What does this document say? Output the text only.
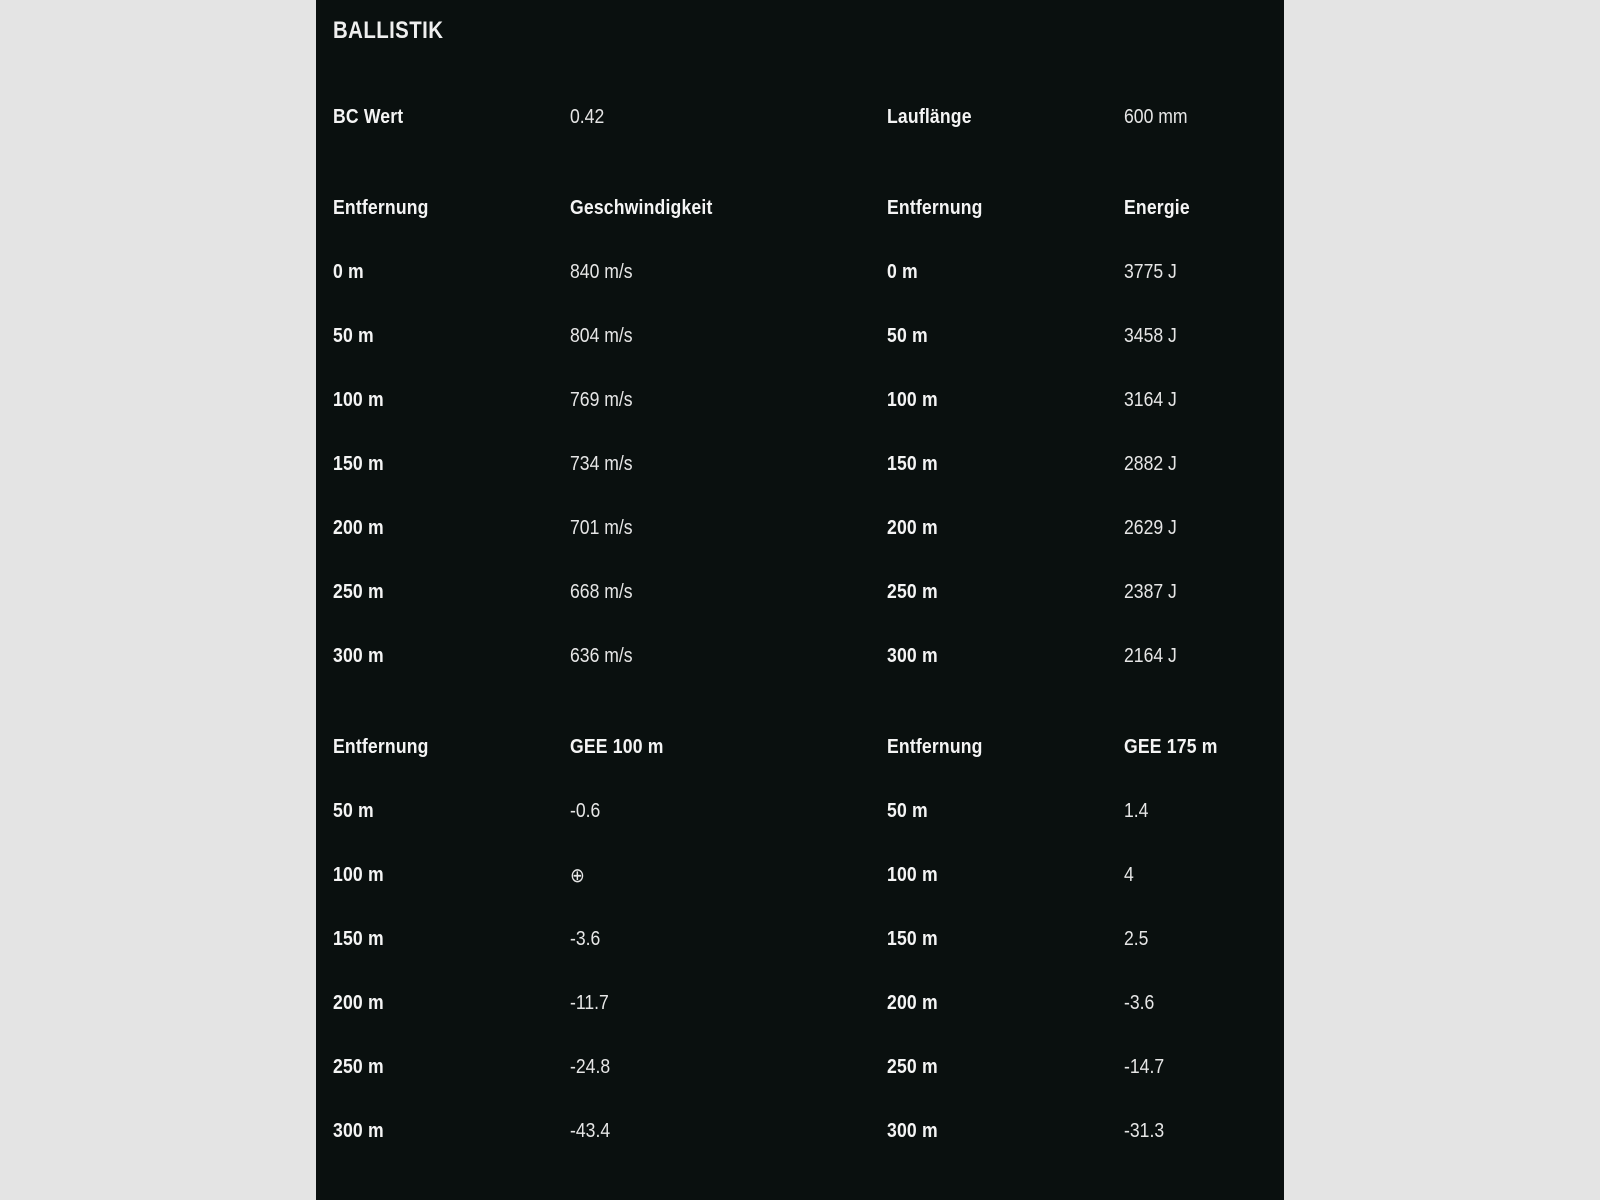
BALLISTIK
BC Wert	0.42	Lauflänge	600 mm
Entfernung	Geschwindigkeit	Entfernung	Energie
0 m	840 m/s	0 m	3775 J
50 m	804 m/s	50 m	3458 J
100 m	769 m/s	100 m	3164 J
150 m	734 m/s	150 m	2882 J
200 m	701 m/s	200 m	2629 J
250 m	668 m/s	250 m	2387 J
300 m	636 m/s	300 m	2164 J
Entfernung	GEE 100 m	Entfernung	GEE 175 m
50 m	-0.6	50 m	1.4
100 m	⊕	100 m	4
150 m	-3.6	150 m	2.5
200 m	-11.7	200 m	-3.6
250 m	-24.8	250 m	-14.7
300 m	-43.4	300 m	-31.3
